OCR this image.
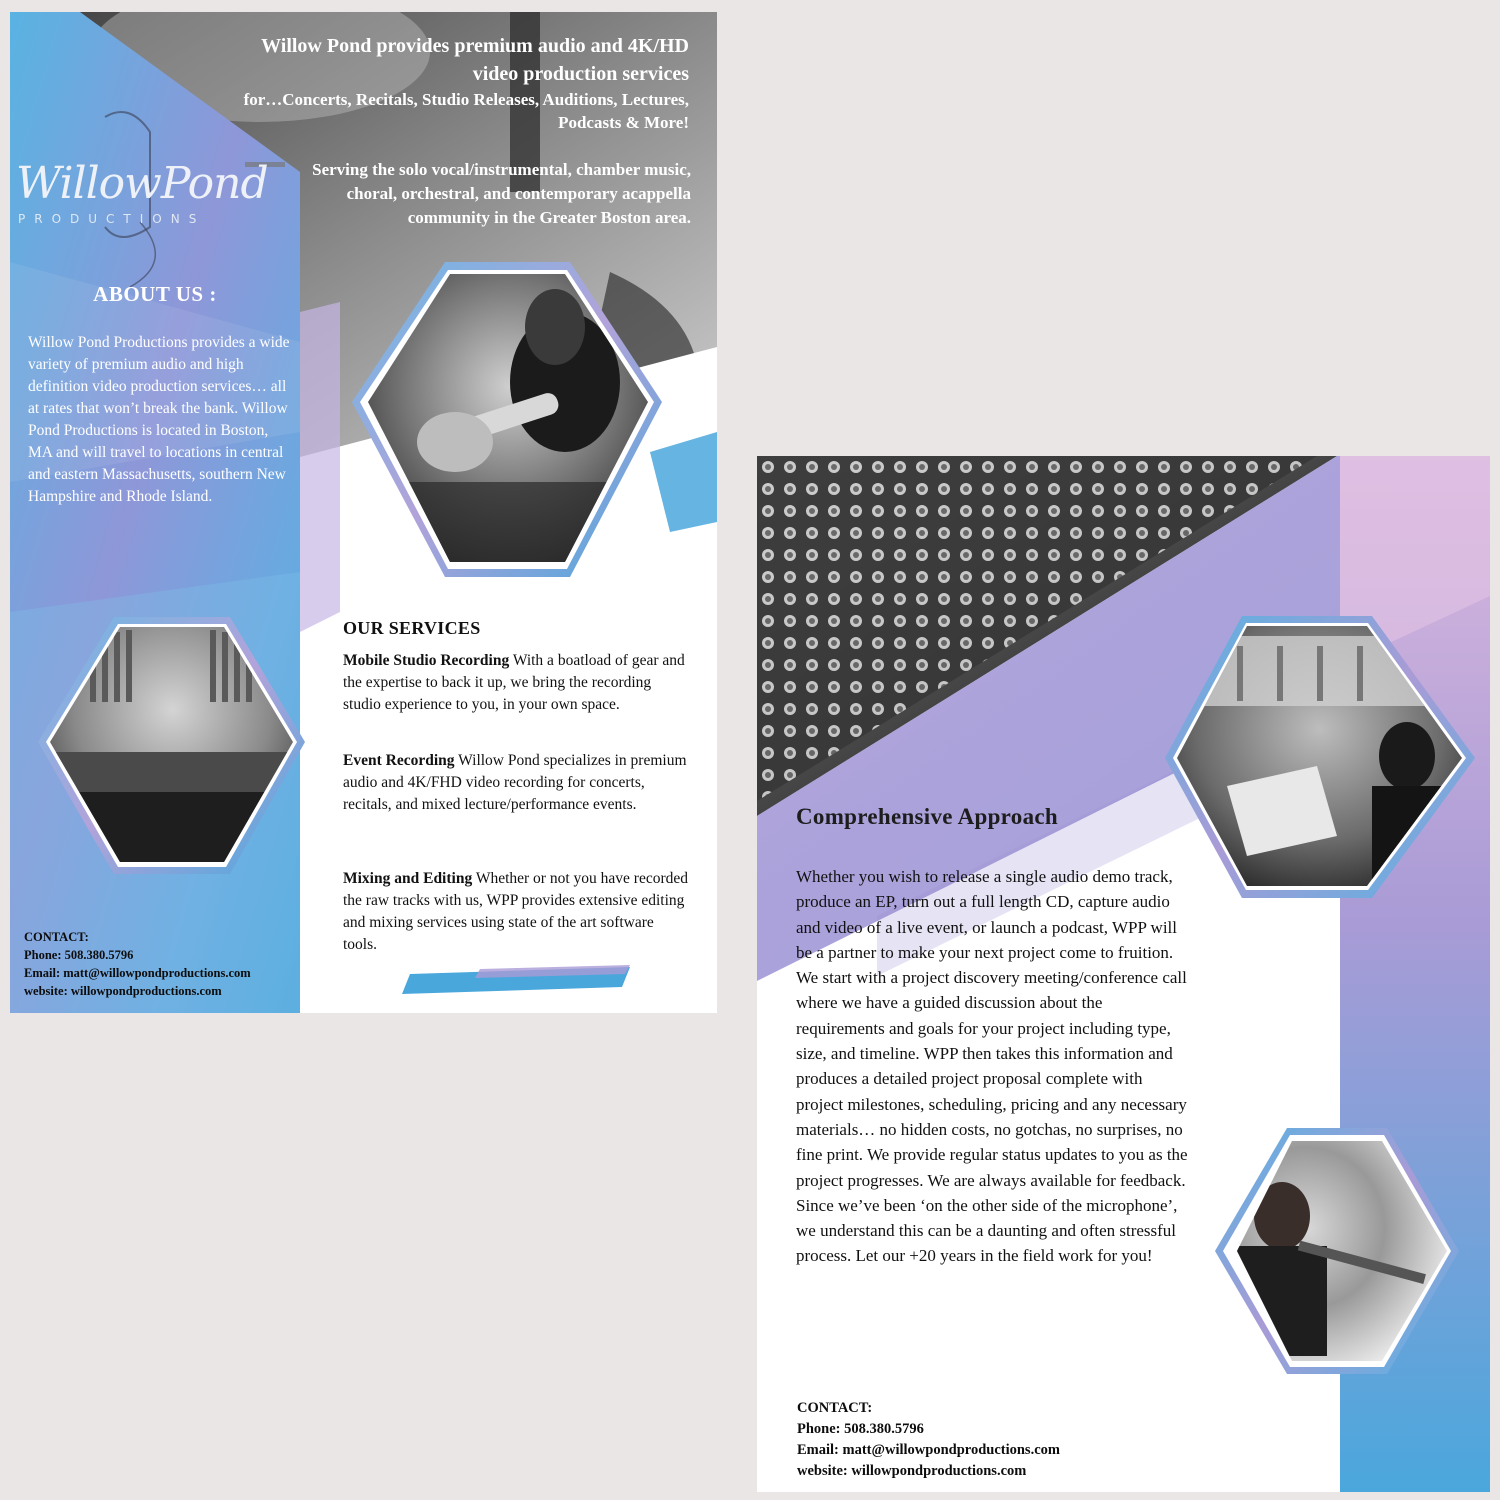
Willow Pond provides premium audio and 4K/HD video production services

for…Concerts, Recitals, Studio Releases, Auditions, Lectures, Podcasts & More!

Serving the solo vocal/instrumental, chamber music, choral, orchestral, and contemporary acappella community in the Greater Boston area.

WillowPond
PRODUCTIONS
ABOUT US :

Willow Pond Productions provides a wide variety of premium audio and high definition video production services… all at rates that won’t break the bank. Willow Pond Productions is located in Boston, MA and will travel to locations in central and eastern Massachusetts, southern New Hampshire and Rhode Island.

OUR SERVICES

Mobile Studio Recording With a boatload of gear and the expertise to back it up, we bring the recording studio experience to you, in your own space.

Event Recording Willow Pond specializes in premium audio and 4K/FHD video recording for concerts, recitals, and mixed lecture/performance events.

Mixing and Editing Whether or not you have recorded the raw tracks with us, WPP provides extensive editing and mixing services using state of the art software tools.

CONTACT:
Phone: 508.380.5796
Email: matt@willowpondproductions.com
website: willowpondproductions.com
Comprehensive Approach

Whether you wish to release a single audio demo track, produce an EP, turn out a full length CD, capture audio and video of a live event, or launch a podcast, WPP will be a partner to make your next project come to fruition. We start with a project discovery meeting/conference call where we have a guided discussion about the requirements and goals for your project including type, size, and timeline. WPP then takes this information and produces a detailed project proposal complete with project milestones, scheduling, pricing and any necessary materials… no hidden costs, no gotchas, no surprises, no fine print. We provide regular status updates to you as the project progresses. We are always available for feedback. Since we’ve been ‘on the other side of the microphone’, we understand this can be a daunting and often stressful process. Let our +20 years in the field work for you!

CONTACT:
Phone: 508.380.5796
Email: matt@willowpondproductions.com
website: willowpondproductions.com
